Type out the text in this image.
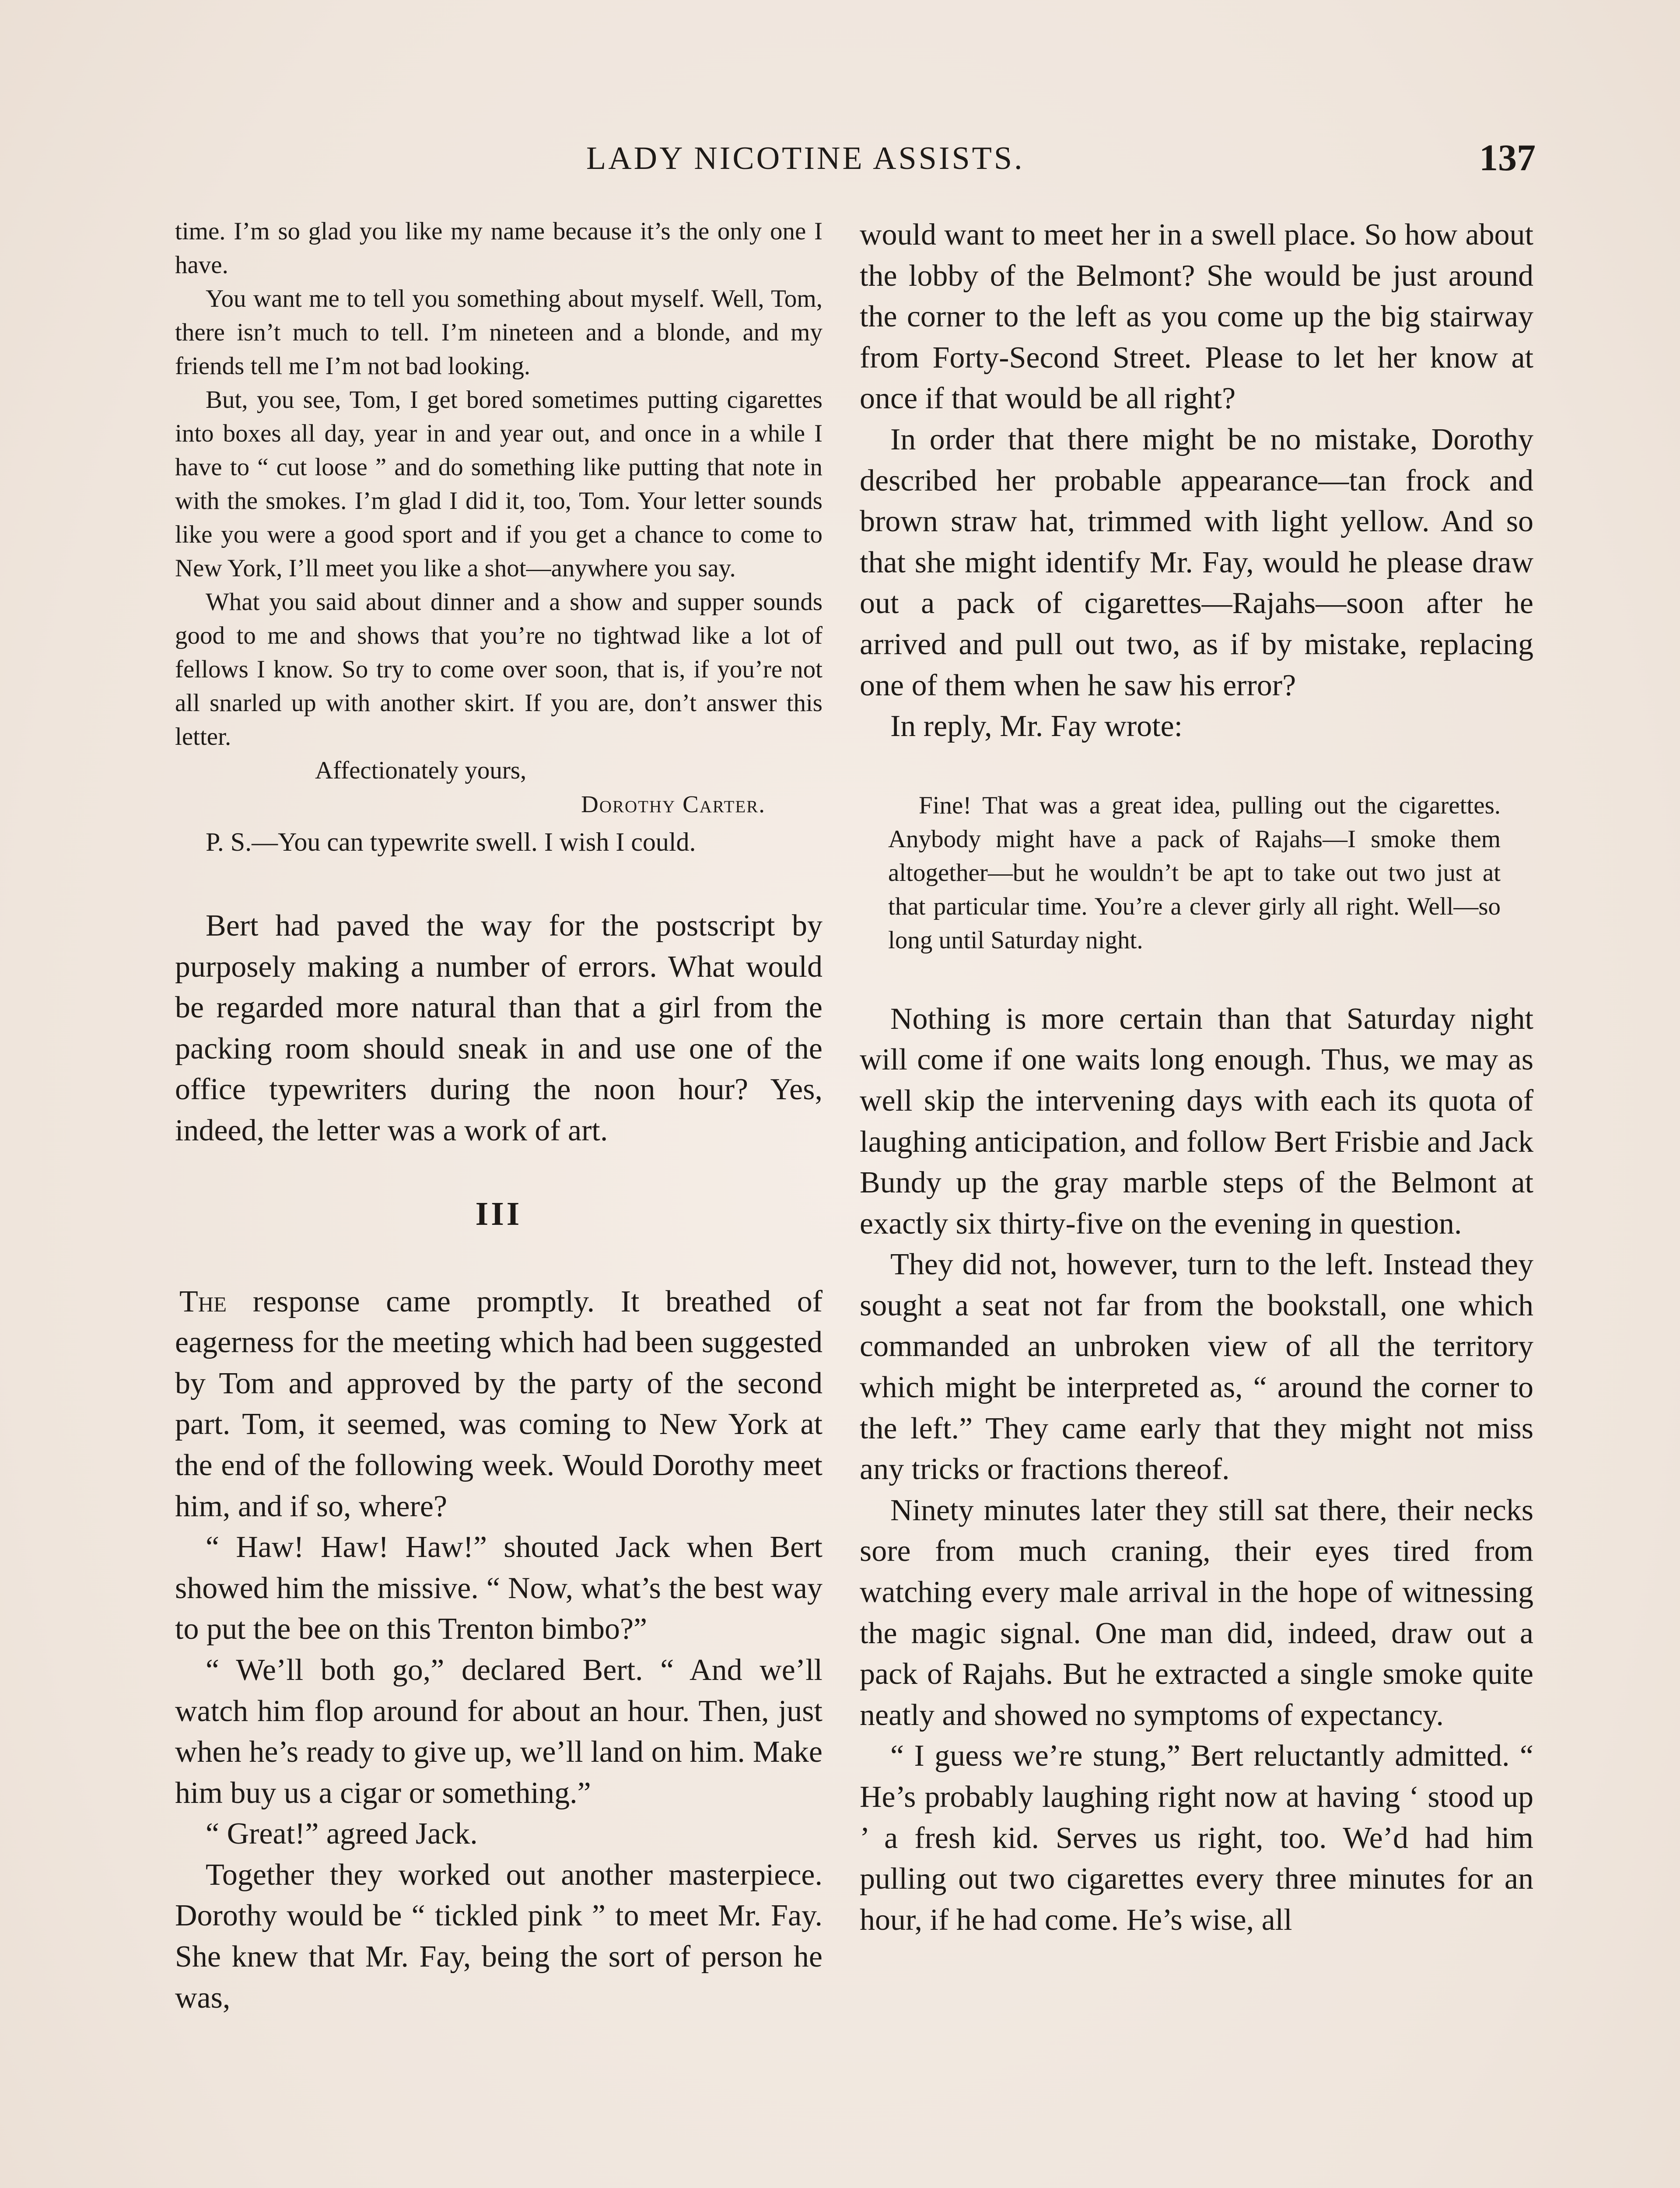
LADY NICOTINE ASSISTS.	137

time. I’m so glad you like my name because it’s the only one I have.

You want me to tell you something about myself. Well, Tom, there isn’t much to tell. I’m nineteen and a blonde, and my friends tell me I’m not bad looking.

But, you see, Tom, I get bored sometimes putting cigarettes into boxes all day, year in and year out, and once in a while I have to “ cut loose ” and do something like putting that note in with the smokes. I’m glad I did it, too, Tom. Your letter sounds like you were a good sport and if you get a chance to come to New York, I’ll meet you like a shot—anywhere you say.

What you said about dinner and a show and supper sounds good to me and shows that you’re no tightwad like a lot of fellows I know. So try to come over soon, that is, if you’re not all snarled up with another skirt. If you are, don’t answer this letter.

Affectionately yours,
Dorothy Carter.

P. S.—You can typewrite swell. I wish I could.

Bert had paved the way for the postscript by purposely making a number of errors. What would be regarded more natural than that a girl from the packing room should sneak in and use one of the office typewriters during the noon hour? Yes, indeed, the letter was a work of art.

III

The response came promptly. It breathed of eagerness for the meeting which had been suggested by Tom and approved by the party of the second part. Tom, it seemed, was coming to New York at the end of the following week. Would Dorothy meet him, and if so, where?

“ Haw! Haw! Haw!” shouted Jack when Bert showed him the missive. “ Now, what’s the best way to put the bee on this Trenton bimbo?”

“ We’ll both go,” declared Bert. “ And we’ll watch him flop around for about an hour. Then, just when he’s ready to give up, we’ll land on him. Make him buy us a cigar or something.”

“ Great!” agreed Jack.

Together they worked out another masterpiece. Dorothy would be “ tickled pink ” to meet Mr. Fay. She knew that Mr. Fay, being the sort of person he was,

would want to meet her in a swell place. So how about the lobby of the Belmont? She would be just around the corner to the left as you come up the big stairway from Forty-Second Street. Please to let her know at once if that would be all right?

In order that there might be no mistake, Dorothy described her probable appearance—tan frock and brown straw hat, trimmed with light yellow. And so that she might identify Mr. Fay, would he please draw out a pack of cigarettes—Rajahs—soon after he arrived and pull out two, as if by mistake, replacing one of them when he saw his error?

In reply, Mr. Fay wrote:

Fine! That was a great idea, pulling out the cigarettes. Anybody might have a pack of Rajahs—I smoke them altogether—but he wouldn’t be apt to take out two just at that particular time. You’re a clever girly all right. Well—so long until Saturday night.

Nothing is more certain than that Saturday night will come if one waits long enough. Thus, we may as well skip the intervening days with each its quota of laughing anticipation, and follow Bert Frisbie and Jack Bundy up the gray marble steps of the Belmont at exactly six thirty-five on the evening in question.

They did not, however, turn to the left. Instead they sought a seat not far from the bookstall, one which commanded an unbroken view of all the territory which might be interpreted as, “ around the corner to the left.” They came early that they might not miss any tricks or fractions thereof.

Ninety minutes later they still sat there, their necks sore from much craning, their eyes tired from watching every male arrival in the hope of witnessing the magic signal. One man did, indeed, draw out a pack of Rajahs. But he extracted a single smoke quite neatly and showed no symptoms of expectancy.

“ I guess we’re stung,” Bert reluctantly admitted. “ He’s probably laughing right now at having ‘ stood up ’ a fresh kid. Serves us right, too. We’d had him pulling out two cigarettes every three minutes for an hour, if he had come. He’s wise, all
